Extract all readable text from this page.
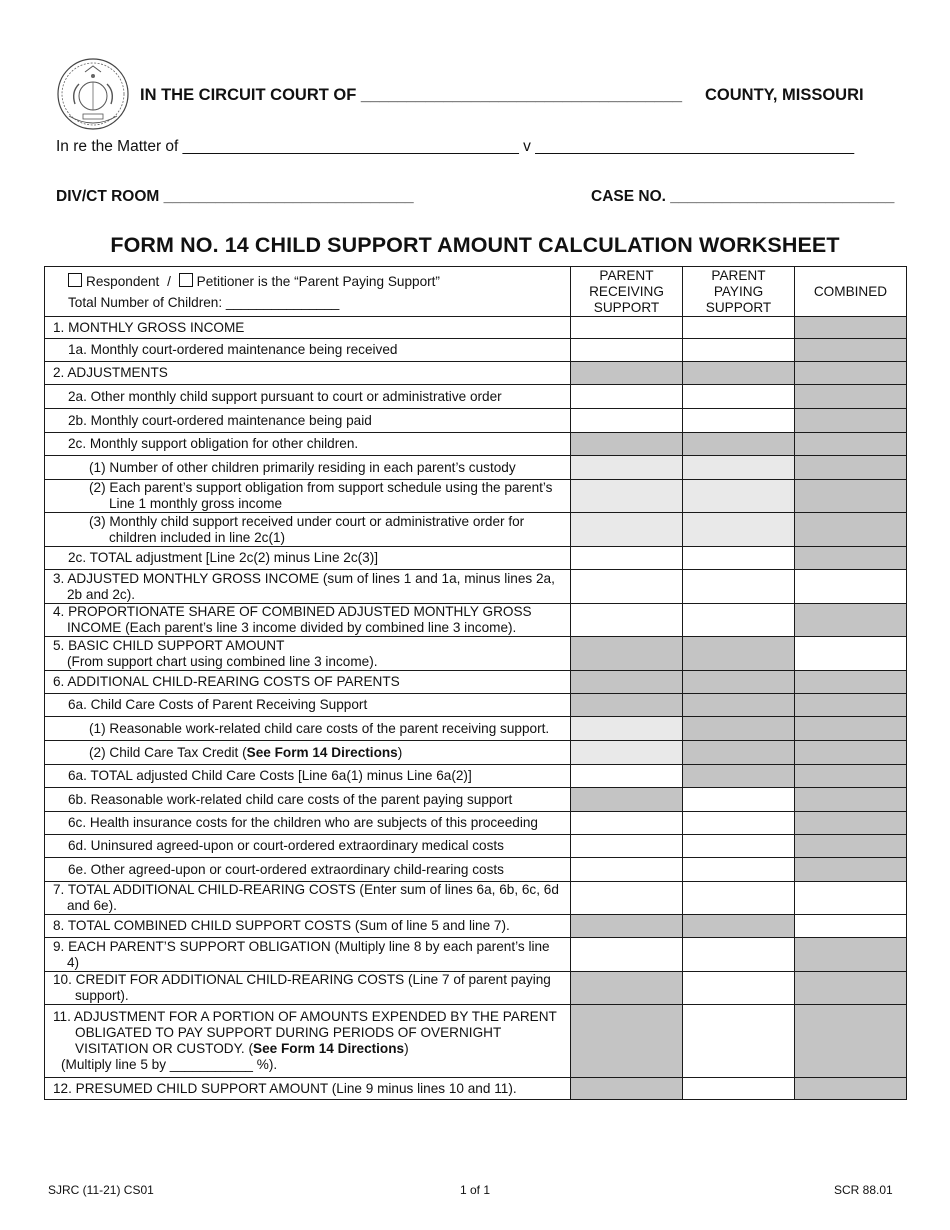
IN THE CIRCUIT COURT OF ___________________________________ COUNTY, MISSOURI
In re the Matter of _______________________________________ v _____________________________________
DIV/CT ROOM _____________________________	CASE NO. __________________________
FORM NO. 14 CHILD SUPPORT AMOUNT CALCULATION WORKSHEET
Respondent / Petitioner is the “Parent Paying Support”
Total Number of Children: _______________	PARENT RECEIVING SUPPORT	PARENT PAYING SUPPORT	COMBINED
1. MONTHLY GROSS INCOME			

1a. Monthly court-ordered maintenance being received			

2. ADJUSTMENTS			

2a. Other monthly child support pursuant to court or administrative order			

2b. Monthly court-ordered maintenance being paid			

2c. Monthly support obligation for other children.			

(1) Number of other children primarily residing in each parent’s custody			

(2) Each parent’s support obligation from support schedule using the parent’s Line 1 monthly gross income			

(3) Monthly child support received under court or administrative order for children included in line 2c(1)			

2c. TOTAL adjustment [Line 2c(2) minus Line 2c(3)]			

3. ADJUSTED MONTHLY GROSS INCOME (sum of lines 1 and 1a, minus lines 2a, 2b and 2c).			

4. PROPORTIONATE SHARE OF COMBINED ADJUSTED MONTHLY GROSS INCOME (Each parent’s line 3 income divided by combined line 3 income).			

5. BASIC CHILD SUPPORT AMOUNT
(From support chart using combined line 3 income).			

6. ADDITIONAL CHILD-REARING COSTS OF PARENTS			

6a. Child Care Costs of Parent Receiving Support			

(1) Reasonable work-related child care costs of the parent receiving support.			

(2) Child Care Tax Credit (See Form 14 Directions)			

6a. TOTAL adjusted Child Care Costs [Line 6a(1) minus Line 6a(2)]			

6b. Reasonable work-related child care costs of the parent paying support			

6c. Health insurance costs for the children who are subjects of this proceeding			

6d. Uninsured agreed-upon or court-ordered extraordinary medical costs			

6e. Other agreed-upon or court-ordered extraordinary child-rearing costs			

7. TOTAL ADDITIONAL CHILD-REARING COSTS (Enter sum of lines 6a, 6b, 6c, 6d and 6e).			

8. TOTAL COMBINED CHILD SUPPORT COSTS (Sum of line 5 and line 7).			

9. EACH PARENT’S SUPPORT OBLIGATION (Multiply line 8 by each parent’s line 4)			

10. CREDIT FOR ADDITIONAL CHILD-REARING COSTS (Line 7 of parent paying support).			

11. ADJUSTMENT FOR A PORTION OF AMOUNTS EXPENDED BY THE PARENT OBLIGATED TO PAY SUPPORT DURING PERIODS OF OVERNIGHT VISITATION OR CUSTODY. (See Form 14 Directions)
(Multiply line 5 by ___________ %).			

12. PRESUMED CHILD SUPPORT AMOUNT (Line 9 minus lines 10 and 11).			
SJRC (11-21) CS01	1 of 1	SCR 88.01
